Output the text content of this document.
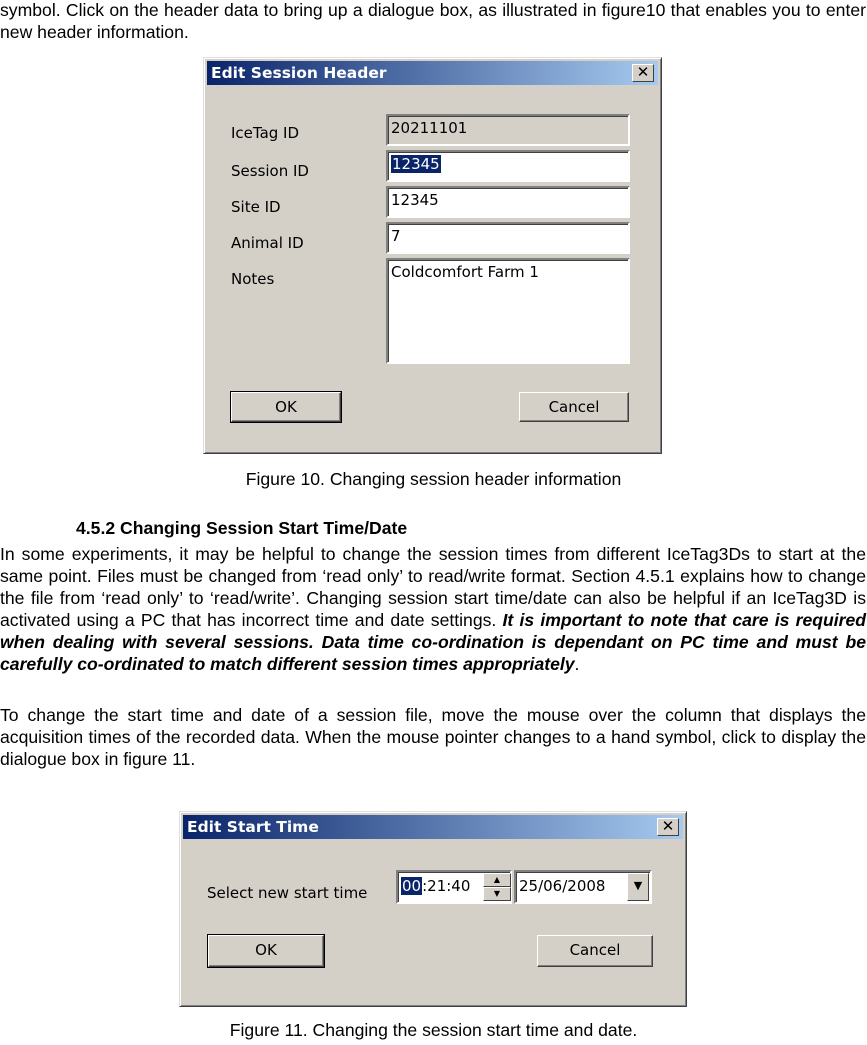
symbol. Click on the header data to bring up a dialogue box, as illustrated in figure10 that enables you to enter new header information.

Edit Session Header	✕
IceTag ID	20211101
Session ID	12345
Site ID	12345
Animal ID	7
Notes	Coldcomfort Farm 1
OK	Cancel
Figure 10. Changing session header information
4.5.2 Changing Session Start Time/Date

In some experiments, it may be helpful to change the session times from different IceTag3Ds to start at the same point. Files must be changed from ‘read only’ to read/write format. Section 4.5.1 explains how to change the file from ‘read only’ to ‘read/write’. Changing session start time/date can also be helpful if an IceTag3D is activated using a PC that has incorrect time and date settings. It is important to note that care is required when dealing with several sessions. Data time co-ordination is dependant on PC time and must be carefully co-ordinated to match different session times appropriately.

To change the start time and date of a session file, move the mouse over the column that displays the acquisition times of the recorded data. When the mouse pointer changes to a hand symbol, click to display the dialogue box in figure 11.

Edit Start Time	✕
Select new start time	00:21:40	▲
▼	25/06/2008	▼
OK	Cancel
Figure 11. Changing the session start time and date.
